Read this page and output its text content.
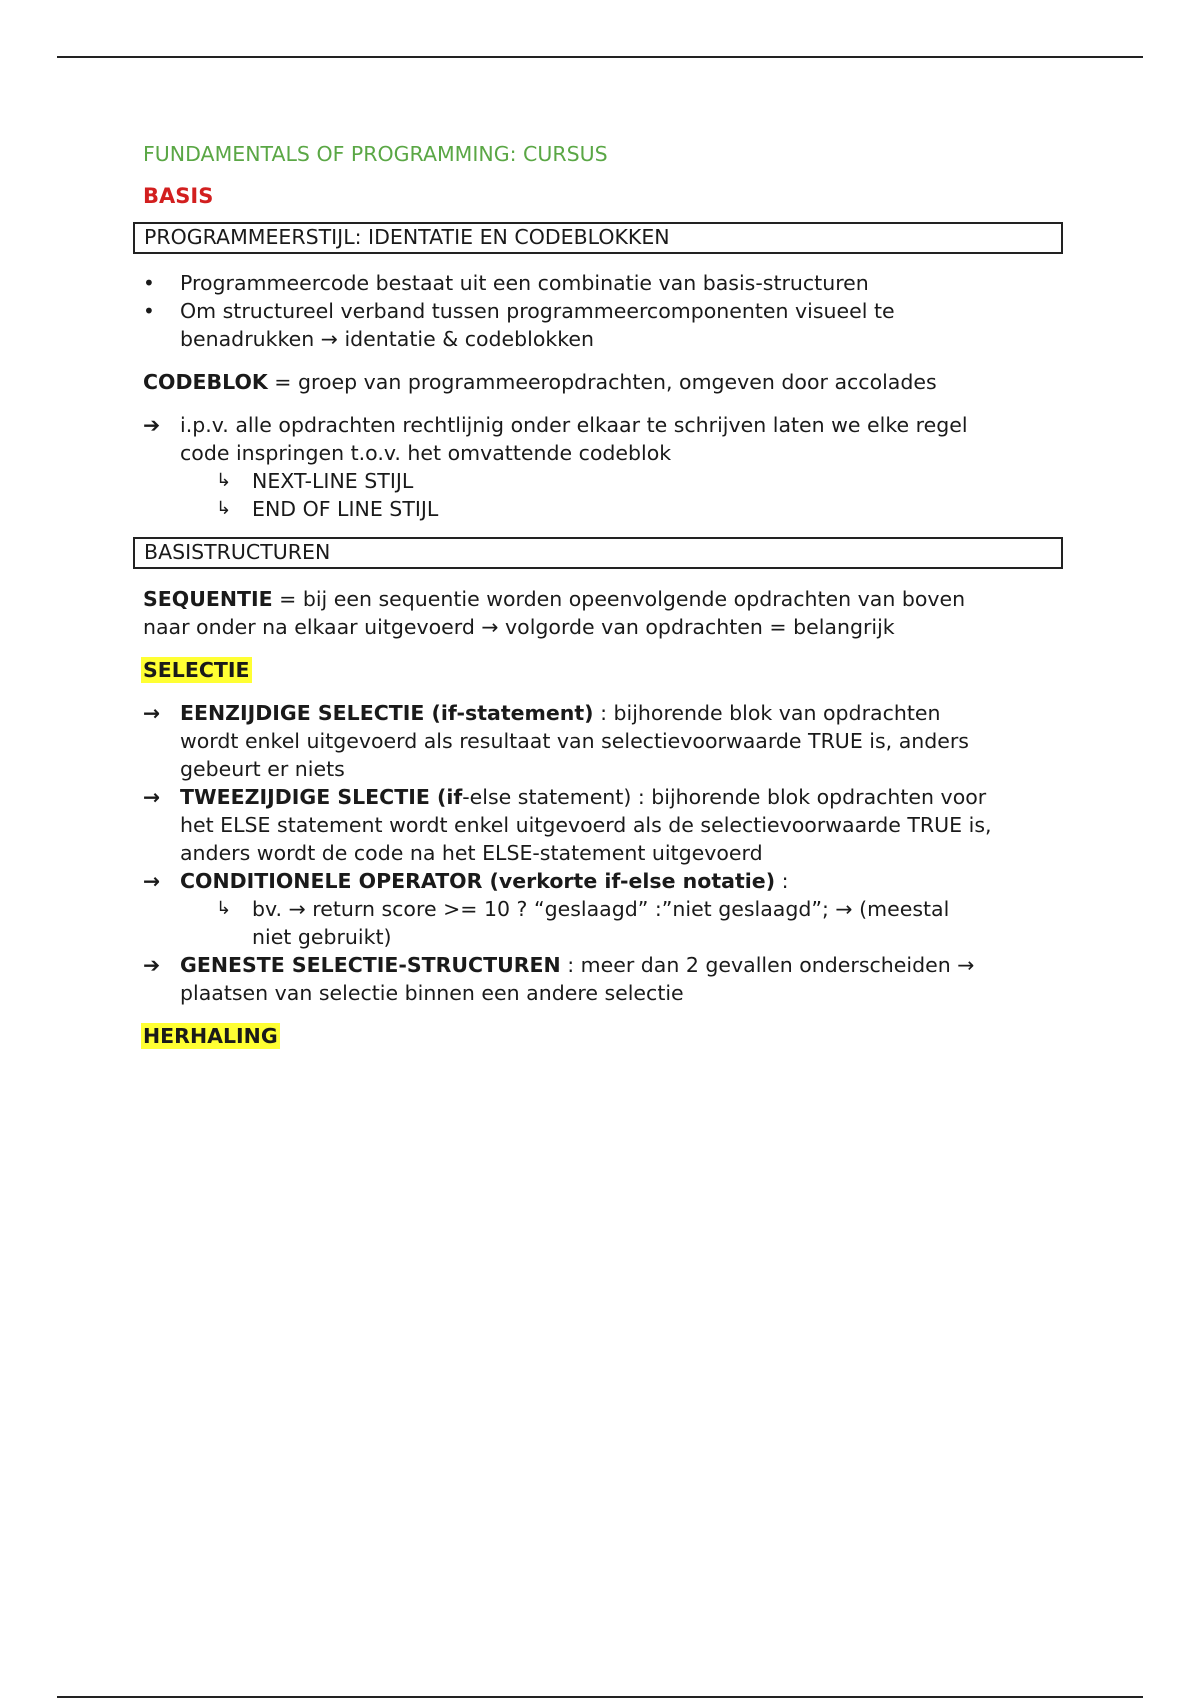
FUNDAMENTALS OF PROGRAMMING: CURSUS
BASIS
PROGRAMMEERSTIJL: IDENTATIE EN CODEBLOKKEN
• Programmeercode bestaat uit een combinatie van basis-structuren
• Om structureel verband tussen programmeercomponenten visueel te
benadrukken → identatie & codeblokken
CODEBLOK = groep van programmeeropdrachten, omgeven door accolades
➔ i.p.v. alle opdrachten rechtlijnig onder elkaar te schrijven laten we elke regel
code inspringen t.o.v. het omvattende codeblok
↳ NEXT-LINE STIJL
↳ END OF LINE STIJL
BASISTRUCTUREN
SEQUENTIE = bij een sequentie worden opeenvolgende opdrachten van boven
naar onder na elkaar uitgevoerd → volgorde van opdrachten = belangrijk
SELECTIE
→ EENZIJDIGE SELECTIE (if-statement) : bijhorende blok van opdrachten
wordt enkel uitgevoerd als resultaat van selectievoorwaarde TRUE is, anders
gebeurt er niets
→ TWEEZIJDIGE SLECTIE (if-else statement) : bijhorende blok opdrachten voor
het ELSE statement wordt enkel uitgevoerd als de selectievoorwaarde TRUE is,
anders wordt de code na het ELSE-statement uitgevoerd
→ CONDITIONELE OPERATOR (verkorte if-else notatie) :
↳ bv. → return score >= 10 ? “geslaagd” :”niet geslaagd”; → (meestal
niet gebruikt)
➔ GENESTE SELECTIE-STRUCTUREN : meer dan 2 gevallen onderscheiden →
plaatsen van selectie binnen een andere selectie
HERHALING
